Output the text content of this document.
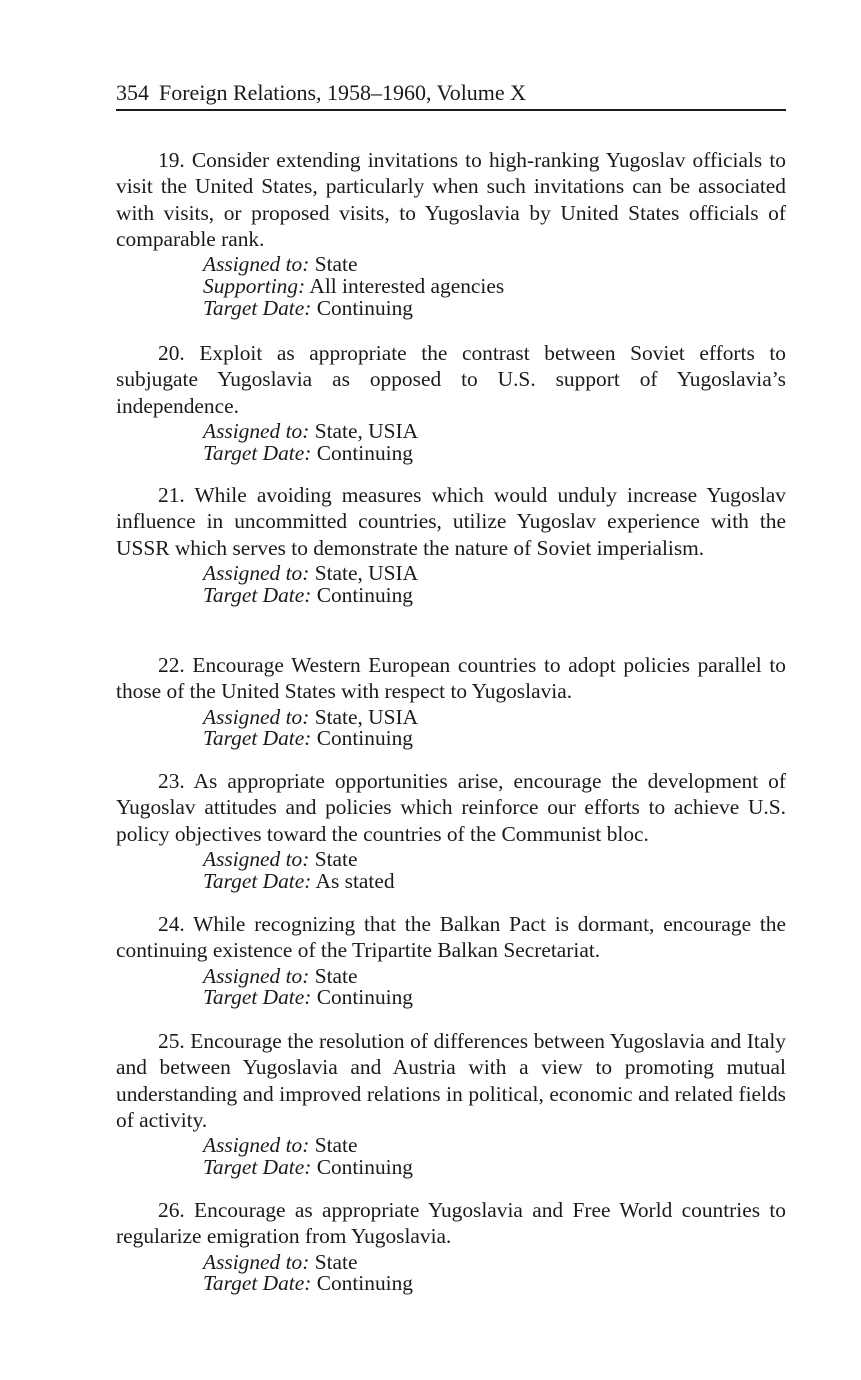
354 Foreign Relations, 1958–1960, Volume X

19. Consider extending invitations to high-ranking Yugoslav officials to visit the United States, particularly when such invitations can be associated with visits, or proposed visits, to Yugoslavia by United States officials of comparable rank.

Assigned to: State
Supporting: All interested agencies
Target Date: Continuing

20. Exploit as appropriate the contrast between Soviet efforts to subjugate Yugoslavia as opposed to U.S. support of Yugoslavia’s independence.

Assigned to: State, USIA
Target Date: Continuing

21. While avoiding measures which would unduly increase Yugoslav influence in uncommitted countries, utilize Yugoslav experience with the USSR which serves to demonstrate the nature of Soviet imperialism.

Assigned to: State, USIA
Target Date: Continuing

22. Encourage Western European countries to adopt policies parallel to those of the United States with respect to Yugoslavia.

Assigned to: State, USIA
Target Date: Continuing

23. As appropriate opportunities arise, encourage the development of Yugoslav attitudes and policies which reinforce our efforts to achieve U.S. policy objectives toward the countries of the Communist bloc.

Assigned to: State
Target Date: As stated

24. While recognizing that the Balkan Pact is dormant, encourage the continuing existence of the Tripartite Balkan Secretariat.

Assigned to: State
Target Date: Continuing

25. Encourage the resolution of differences between Yugoslavia and Italy and between Yugoslavia and Austria with a view to promoting mutual understanding and improved relations in political, economic and related fields of activity.

Assigned to: State
Target Date: Continuing

26. Encourage as appropriate Yugoslavia and Free World countries to regularize emigration from Yugoslavia.

Assigned to: State
Target Date: Continuing
